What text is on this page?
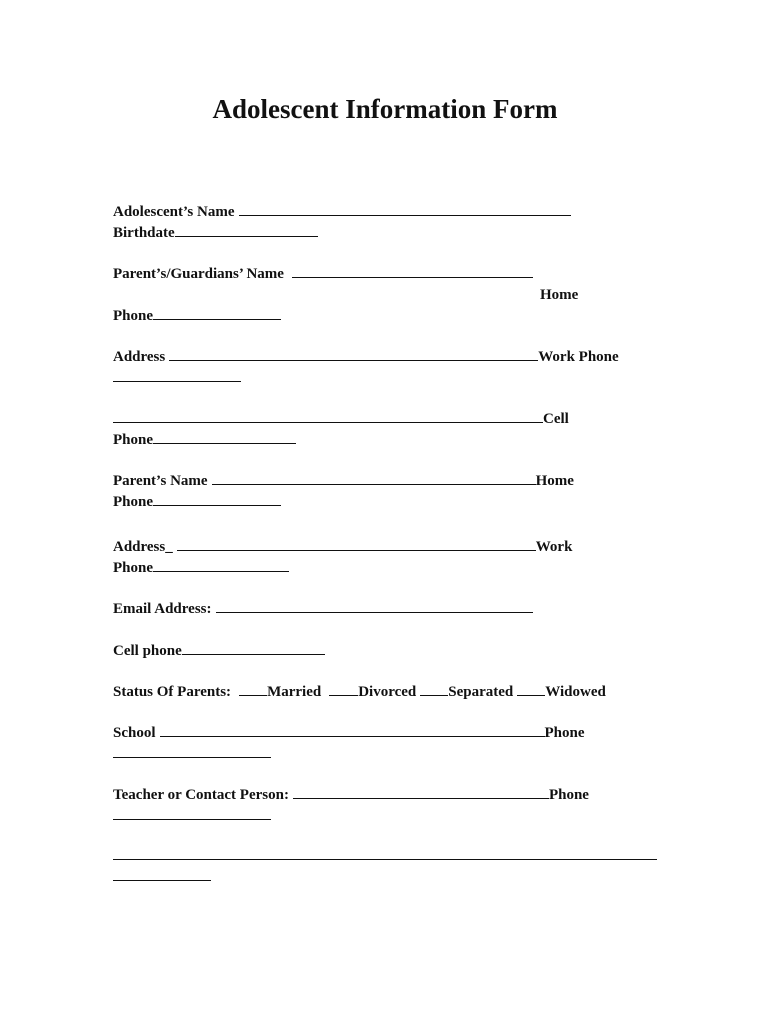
Adolescent Information Form
Adolescent’s Name
Birthdate
Parent’s/Guardians’ Name
Home
Phone
Address	Work Phone
Cell
Phone
Parent’s Name	Home
Phone
Address_	Work
Phone
Email Address:
Cell phone
Status Of Parents: Married Divorced Separated Widowed
School	Phone
Teacher or Contact Person:	Phone
